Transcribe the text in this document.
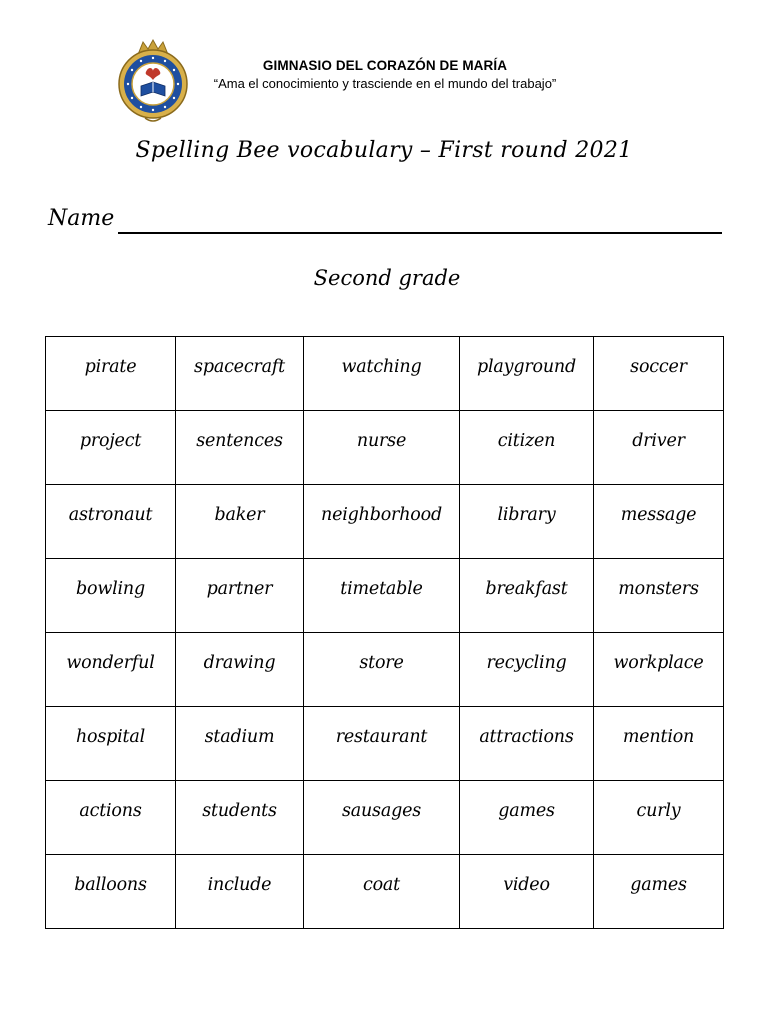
GIMNASIO DEL CORAZÓN DE MARÍA
“Ama el conocimiento y trasciende en el mundo del trabajo”
Spelling Bee vocabulary – First round 2021
Name
Second grade
pirate	spacecraft	watching	playground	soccer
project	sentences	nurse	citizen	driver
astronaut	baker	neighborhood	library	message
bowling	partner	timetable	breakfast	monsters
wonderful	drawing	store	recycling	workplace
hospital	stadium	restaurant	attractions	mention
actions	students	sausages	games	curly
balloons	include	coat	video	games
